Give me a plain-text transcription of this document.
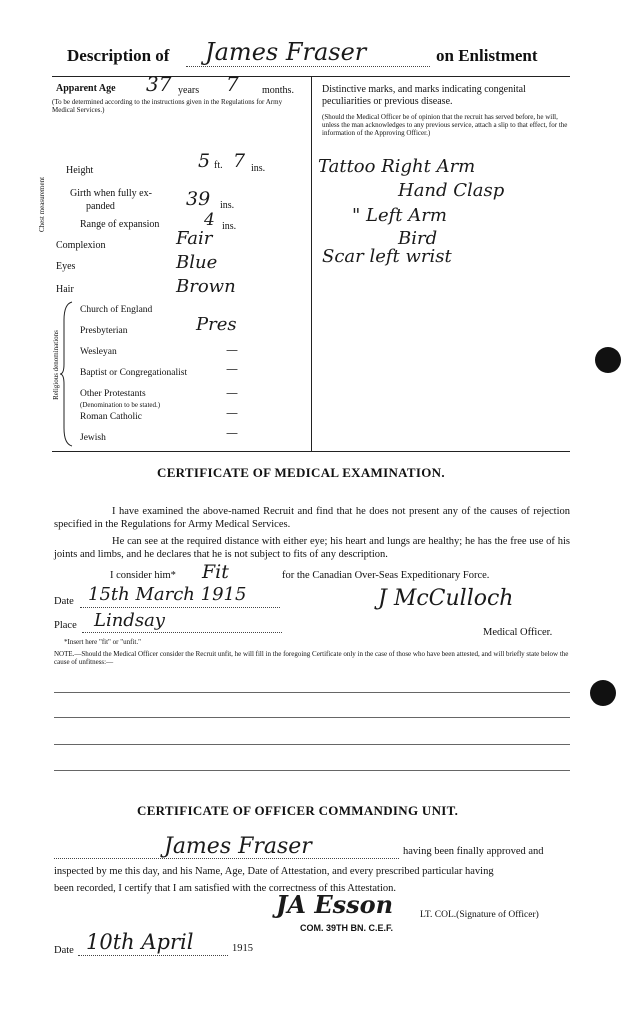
Description of James Fraser	on Enlistment
Apparent Age 37 years 7 months.
(To be determined according to the instructions given in the Regulations for Army Medical Services.)
Height	5 ft. 7 ins.
Chest measurement Girth when fully ex-
panded	39 ins.
Range of expansion	4 ins.
Complexion	Fair
Eyes	Blue
Hair	Brown
Religious denominations
Church of England
Presbyterian	Pres
Wesleyan	—
Baptist or Congregationalist	—
Other Protestants	—
(Denomination to be stated.)
Roman Catholic	—
Jewish	—
Distinctive marks, and marks indicating congenital peculiarities or previous disease.
(Should the Medical Officer be of opinion that the recruit has served before, he will, unless the man acknowledges to any previous service, attach a slip to that effect, for the information of the Approving Officer.)
Tattoo Right Arm
Hand Clasp
" Left Arm
Bird
Scar left wrist
CERTIFICATE OF MEDICAL EXAMINATION.
I have examined the above-named Recruit and find that he does not present any of the causes of rejection specified in the Regulations for Army Medical Services.
He can see at the required distance with either eye; his heart and lungs are healthy; he has the free use of his joints and limbs, and he declares that he is not subject to fits of any description.
I consider him* Fit	for the Canadian Over-Seas Expeditionary Force.
Date 15th March 1915	J McCulloch
Place Lindsay
Medical Officer.
*Insert here "fit" or "unfit."
NOTE.—Should the Medical Officer consider the Recruit unfit, he will fill in the foregoing Certificate only in the case of those who have been attested, and will briefly state below the cause of unfitness:—
CERTIFICATE OF OFFICER COMMANDING UNIT.
James Fraser	having been finally approved and
inspected by me this day, and his Name, Age, Date of Attestation, and every prescribed particular having
been recorded, I certify that I am satisfied with the correctness of this Attestation.
JA Esson	LT. COL.(Signature of Officer)
COM. 39TH BN. C.E.F.
Date 10th April	1915
